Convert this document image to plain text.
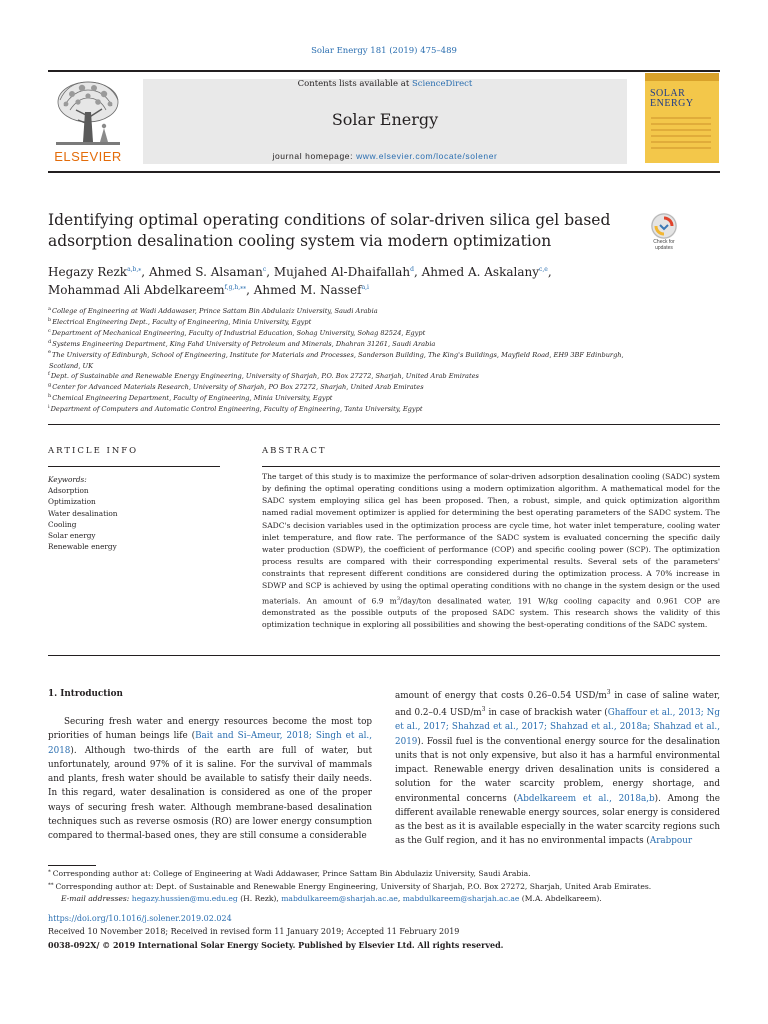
Solar Energy 181 (2019) 475–489
ELSEVIER
Contents lists available at ScienceDirect
Solar Energy
journal homepage: www.elsevier.com/locate/solener
SOLAR
ENERGY
Identifying optimal operating conditions of solar-driven silica gel based
adsorption desalination cooling system via modern optimization	Check for
updates
Hegazy Rezk$^{a,b,⁎}$, Ahmed S. Alsaman$^c$, Mujahed Al-Dhaifallah$^d$, Ahmed A. Askalany$^{c,e}$,
Mohammad Ali Abdelkareem$^{f,g,h,⁎⁎}$, Ahmed M. Nassef$^{a,i}$
$^a$College of Engineering at Wadi Addawaser, Prince Sattam Bin Abdulaziz University, Saudi Arabia
$^b$Electrical Engineering Dept., Faculty of Engineering, Minia University, Egypt
$^c$Department of Mechanical Engineering, Faculty of Industrial Education, Sohag University, Sohag 82524, Egypt
$^d$Systems Engineering Department, King Fahd University of Petroleum and Minerals, Dhahran 31261, Saudi Arabia
$^e$The University of Edinburgh, School of Engineering, Institute for Materials and Processes, Sanderson Building, The King's Buildings, Mayfield Road, EH9 3BF Edinburgh,
Scotland, UK
$^f$Dept. of Sustainable and Renewable Energy Engineering, University of Sharjah, P.O. Box 27272, Sharjah, United Arab Emirates
$^g$Center for Advanced Materials Research, University of Sharjah, PO Box 27272, Sharjah, United Arab Emirates
$^h$Chemical Engineering Department, Faculty of Engineering, Minia University, Egypt
$^i$Department of Computers and Automatic Control Engineering, Faculty of Engineering, Tanta University, Egypt
ARTICLE INFO	ABSTRACT
Keywords:
Adsorption
Optimization
Water desalination
Cooling
Solar energy
Renewable energy
The target of this study is to maximize the performance of solar-driven adsorption desalination cooling (SADC) system by defining the optimal operating conditions using a modern optimization algorithm. A mathematical model for the SADC system employing silica gel has been proposed. Then, a robust, simple, and quick optimization algorithm named radial movement optimizer is applied for determining the best operating parameters of the SADC system. The SADC's decision variables used in the optimization process are cycle time, hot water inlet temperature, cooling water inlet temperature, and flow rate. The performance of the SADC system is evaluated concerning the specific daily water production (SDWP), the coefficient of performance (COP) and specific cooling power (SCP). The optimization process results are compared with their corresponding experimental results. Several sets of the parameters' constraints that represent different conditions are considered during the optimization process. A 70% increase in SDWP and SCP is achieved by using the optimal operating conditions with no change in the system design or the used materials. An amount of 6.9 $m^3/day$/ton desalinated water, 191 W/kg cooling capacity and 0.961 COP are demonstrated as the possible outputs of the proposed SADC system. This research shows the validity of this optimization technique in exploring all possibilities and showing the best-operating conditions of the SADC system.
1. Introduction
Securing fresh water and energy resources become the most top priorities of human beings life (Bait and Si–Ameur, 2018; Singh et al., 2018). Although two-thirds of the earth are full of water, but unfortunately, around 97% of it is saline. For the survival of mammals and plants, fresh water should be available to satisfy their daily needs. In this regard, water desalination is considered as one of the proper ways of securing fresh water. Although membrane-based desalination techniques such as reverse osmosis (RO) are lower energy consumption compared to thermal-based ones, they are still consume a considerable
amount of energy that costs 0.26–0.54 USD/$m^3$ in case of saline water, and 0.2–0.4 USD/$m^3$ in case of brackish water (Ghaffour et al., 2013; Ng et al., 2017; Shahzad et al., 2017; Shahzad et al., 2018a; Shahzad et al., 2019). Fossil fuel is the conventional energy source for the desalination units that is not only expensive, but also it has a harmful environmental impact. Renewable energy driven desalination units is considered a solution for the water scarcity problem, energy shortage, and environmental concerns (Abdelkareem et al., 2018a,b). Among the different available renewable energy sources, solar energy is considered as the best as it is available especially in the water scarcity regions such as the Gulf region, and it has no environmental impacts (Arabpour
⁎ Corresponding author at: College of Engineering at Wadi Addawaser, Prince Sattam Bin Abdulaziz University, Saudi Arabia.
⁎⁎ Corresponding author at: Dept. of Sustainable and Renewable Energy Engineering, University of Sharjah, P.O. Box 27272, Sharjah, United Arab Emirates.
E-mail addresses: hegazy.hussien@mu.edu.eg (H. Rezk), mabdulkareem@sharjah.ac.ae, mabdulkareem@sharjah.ac.ae (M.A. Abdelkareem).
https://doi.org/10.1016/j.solener.2019.02.024
Received 10 November 2018; Received in revised form 11 January 2019; Accepted 11 February 2019
0038-092X/ © 2019 International Solar Energy Society. Published by Elsevier Ltd. All rights reserved.
